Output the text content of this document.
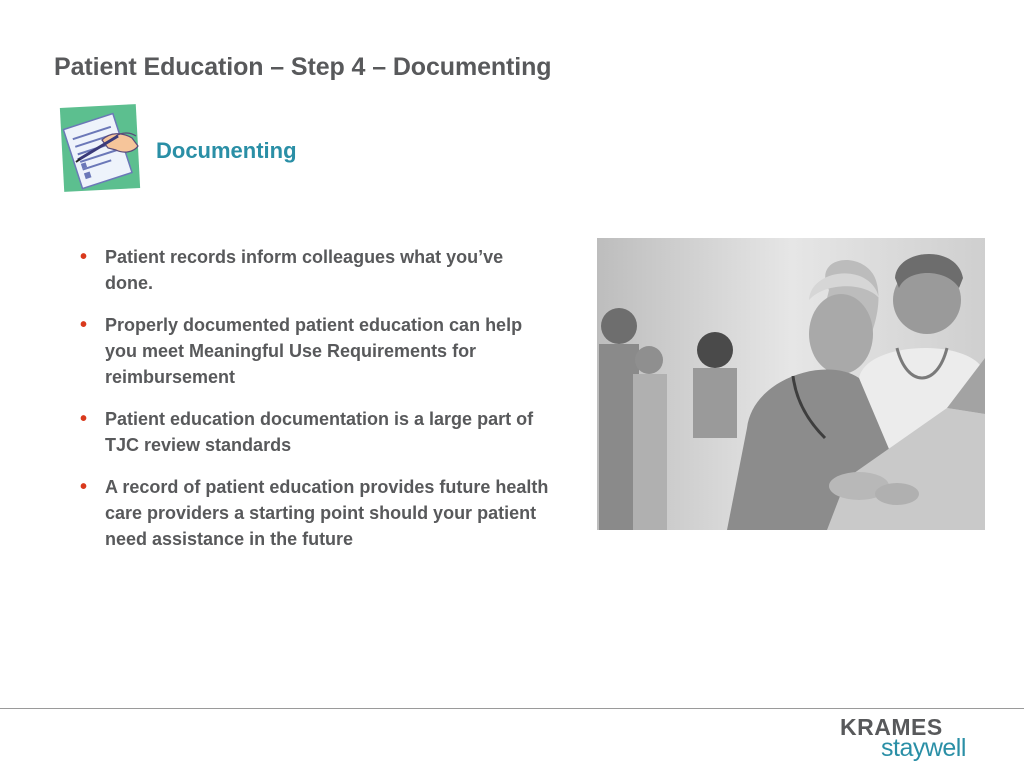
Patient Education – Step 4 – Documenting
Documenting
• Patient records inform colleagues what you’ve done.
• Properly documented patient education can help you meet Meaningful Use Requirements for reimbursement
• Patient education documentation is a large part of TJC review standards
• A record of patient education provides future health care providers a starting point should your patient need assistance in the future
KRAMES
staywell
